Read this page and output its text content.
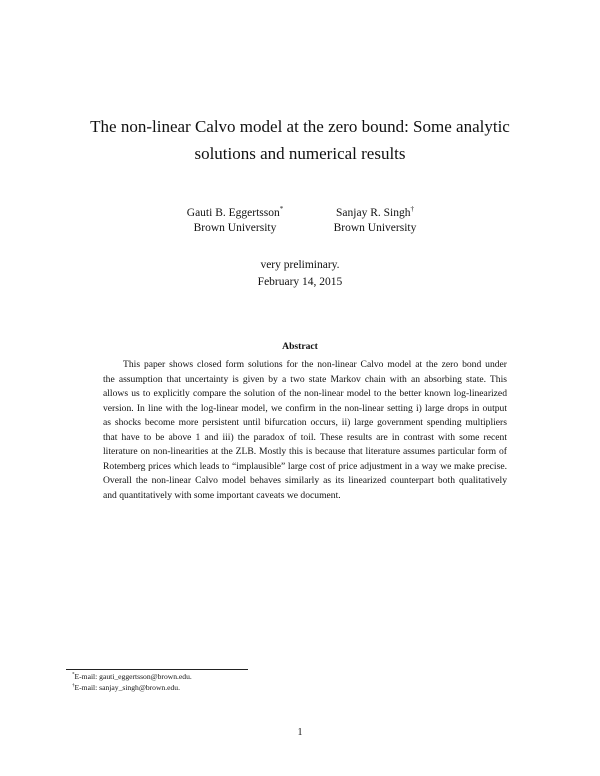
The non-linear Calvo model at the zero bound: Some analytic
solutions and numerical results
Gauti B. Eggertsson*
Brown University
Sanjay R. Singh†
Brown University
very preliminary.
February 14, 2015
Abstract
This paper shows closed form solutions for the non-linear Calvo model at the zero bond under
the assumption that uncertainty is given by a two state Markov chain with an absorbing state. This
allows us to explicitly compare the solution of the non-linear model to the better known log-linearized
version. In line with the log-linear model, we confirm in the non-linear setting i) large drops in output
as shocks become more persistent until bifurcation occurs, ii) large government spending multipliers
that have to be above 1 and iii) the paradox of toil. These results are in contrast with some recent
literature on non-linearities at the ZLB. Mostly this is because that literature assumes particular form of
Rotemberg prices which leads to “implausible” large cost of price adjustment in a way we make precise.
Overall the non-linear Calvo model behaves similarly as its linearized counterpart both qualitatively
and quantitatively with some important caveats we document.
*E-mail: gauti_eggertsson@brown.edu.
†E-mail: sanjay_singh@brown.edu.
1
